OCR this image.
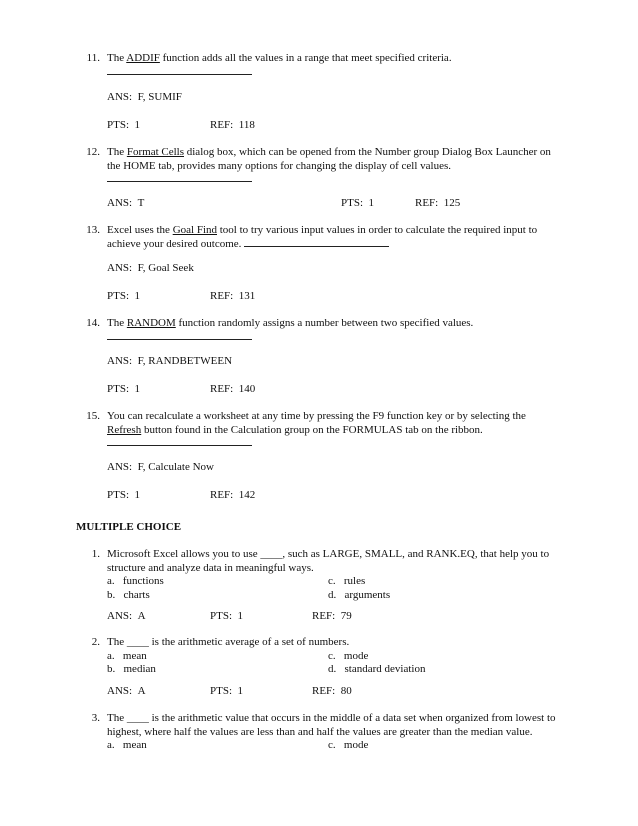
11. The ADDIF function adds all the values in a range that meet specified criteria.
ANS: F, SUMIF
PTS: 1	REF: 118
12. The Format Cells dialog box, which can be opened from the Number group Dialog Box Launcher on
the HOME tab, provides many options for changing the display of cell values.
ANS: T	PTS: 1	REF: 125
13. Excel uses the Goal Find tool to try various input values in order to calculate the required input to
achieve your desired outcome.
ANS: F, Goal Seek
PTS: 1	REF: 131
14. The RANDOM function randomly assigns a number between two specified values.
ANS: F, RANDBETWEEN
PTS: 1	REF: 140
15. You can recalculate a worksheet at any time by pressing the F9 function key or by selecting the
Refresh button found in the Calculation group on the FORMULAS tab on the ribbon.
ANS: F, Calculate Now
PTS: 1	REF: 142
MULTIPLE CHOICE
1. Microsoft Excel allows you to use ____, such as LARGE, SMALL, and RANK.EQ, that help you to
structure and analyze data in meaningful ways.
a. functions	c. rules
b. charts	d. arguments
ANS: A	PTS: 1	REF: 79
2. The ____ is the arithmetic average of a set of numbers.
a. mean	c. mode
b. median	d. standard deviation
ANS: A	PTS: 1	REF: 80
3. The ____ is the arithmetic value that occurs in the middle of a data set when organized from lowest to
highest, where half the values are less than and half the values are greater than the median value.
a. mean	c. mode
